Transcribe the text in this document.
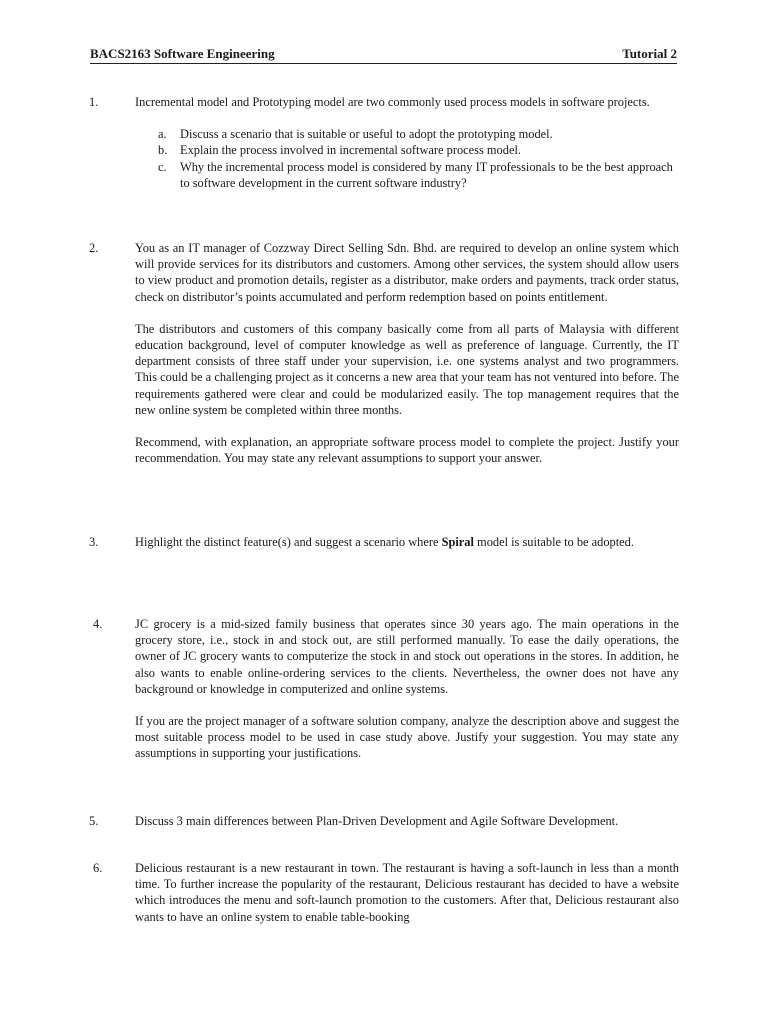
BACS2163 Software Engineering	Tutorial 2
1.	Incremental model and Prototyping model are two commonly used process models in software projects.

a. Discuss a scenario that is suitable or useful to adopt the prototyping model.
b. Explain the process involved in incremental software process model.
c. Why the incremental process model is considered by many IT professionals to be the best approach to software development in the current software industry?
2.	You as an IT manager of Cozzway Direct Selling Sdn. Bhd. are required to develop an online system which will provide services for its distributors and customers. Among other services, the system should allow users to view product and promotion details, register as a distributor, make orders and payments, track order status, check on distributor’s points accumulated and perform redemption based on points entitlement.

The distributors and customers of this company basically come from all parts of Malaysia with different education background, level of computer knowledge as well as preference of language. Currently, the IT department consists of three staff under your supervision, i.e. one systems analyst and two programmers. This could be a challenging project as it concerns a new area that your team has not ventured into before. The requirements gathered were clear and could be modularized easily. The top management requires that the new online system be completed within three months.

Recommend, with explanation, an appropriate software process model to complete the project. Justify your recommendation. You may state any relevant assumptions to support your answer.

3.	Highlight the distinct feature(s) and suggest a scenario where Spiral model is suitable to be adopted.

4.	JC grocery is a mid-sized family business that operates since 30 years ago. The main operations in the grocery store, i.e., stock in and stock out, are still performed manually. To ease the daily operations, the owner of JC grocery wants to computerize the stock in and stock out operations in the stores. In addition, he also wants to enable online-ordering services to the clients. Nevertheless, the owner does not have any background or knowledge in computerized and online systems.

If you are the project manager of a software solution company, analyze the description above and suggest the most suitable process model to be used in case study above. Justify your suggestion. You may state any assumptions in supporting your justifications.

5.	Discuss 3 main differences between Plan-Driven Development and Agile Software Development.

6.	Delicious restaurant is a new restaurant in town. The restaurant is having a soft-launch in less than a month time. To further increase the popularity of the restaurant, Delicious restaurant has decided to have a website which introduces the menu and soft-launch promotion to the customers. After that, Delicious restaurant also wants to have an online system to enable table-booking
